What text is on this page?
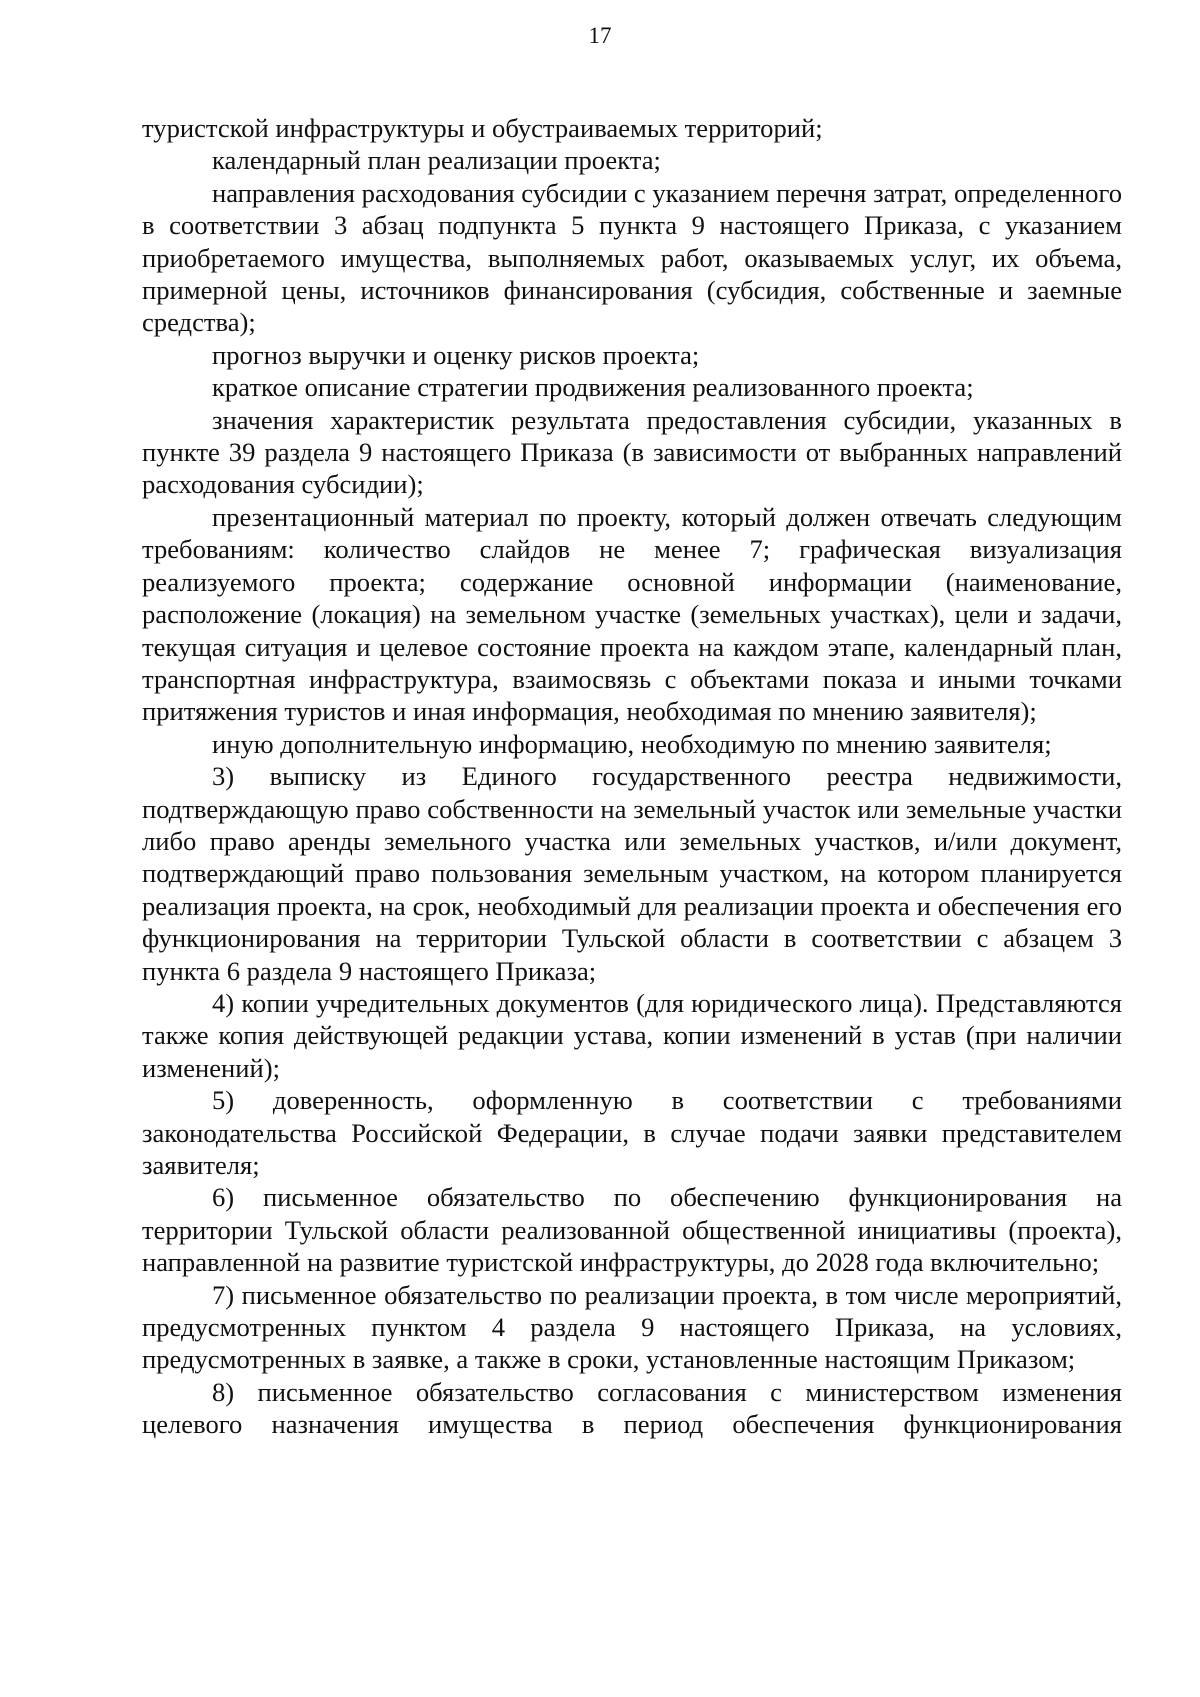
17

туристской инфраструктуры и обустраиваемых территорий;

календарный план реализации проекта;

направления расходования субсидии с указанием перечня затрат, определенного в соответствии 3 абзац подпункта 5 пункта 9 настоящего Приказа, с указанием приобретаемого имущества, выполняемых работ, оказываемых услуг, их объема, примерной цены, источников финансирования (субсидия, собственные и заемные средства);

прогноз выручки и оценку рисков проекта;

краткое описание стратегии продвижения реализованного проекта;

значения характеристик результата предоставления субсидии, указанных в пункте 39 раздела 9 настоящего Приказа (в зависимости от выбранных направлений расходования субсидии);

презентационный материал по проекту, который должен отвечать следующим требованиям: количество слайдов не менее 7; графическая визуализация реализуемого проекта; содержание основной информации (наименование, расположение (локация) на земельном участке (земельных участках), цели и задачи, текущая ситуация и целевое состояние проекта на каждом этапе, календарный план, транспортная инфраструктура, взаимосвязь с объектами показа и иными точками притяжения туристов и иная информация, необходимая по мнению заявителя);

иную дополнительную информацию, необходимую по мнению заявителя;

3) выписку из Единого государственного реестра недвижимости, подтверждающую право собственности на земельный участок или земельные участки либо право аренды земельного участка или земельных участков, и/или документ, подтверждающий право пользования земельным участком, на котором планируется реализация проекта, на срок, необходимый для реализации проекта и обеспечения его функционирования на территории Тульской области в соответствии с абзацем 3 пункта 6 раздела 9 настоящего Приказа;

4) копии учредительных документов (для юридического лица). Представляются также копия действующей редакции устава, копии изменений в устав (при наличии изменений);

5) доверенность, оформленную в соответствии с требованиями законодательства Российской Федерации, в случае подачи заявки представителем заявителя;

6) письменное обязательство по обеспечению функционирования на территории Тульской области реализованной общественной инициативы (проекта), направленной на развитие туристской инфраструктуры, до 2028 года включительно;

7) письменное обязательство по реализации проекта, в том числе мероприятий, предусмотренных пунктом 4 раздела 9 настоящего Приказа, на условиях, предусмотренных в заявке, а также в сроки, установленные настоящим Приказом;

8) письменное обязательство согласования с министерством изменения целевого назначения имущества в период обеспечения функционирования
